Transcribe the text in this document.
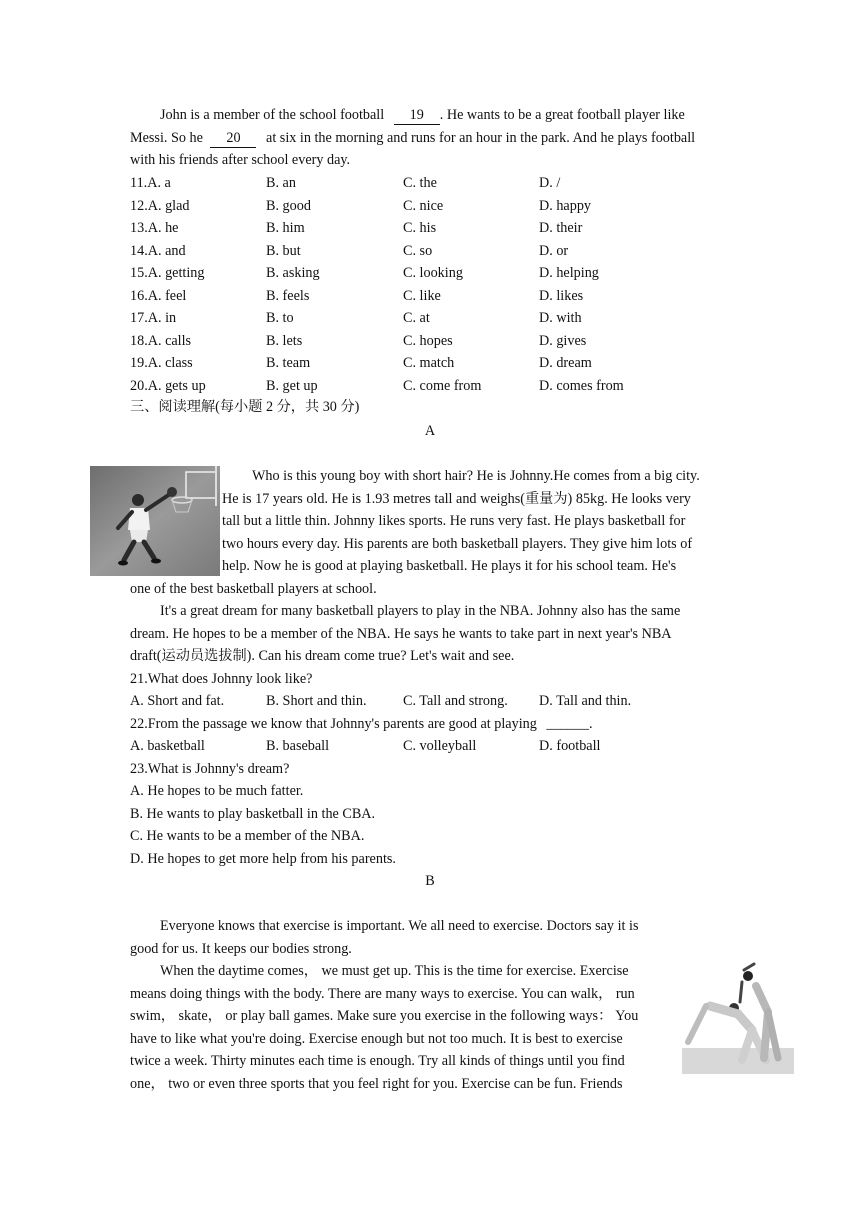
John is a member of the school football 19 . He wants to be a great football player like
Messi. So he 20 at six in the morning and runs for an hour in the park. And he plays football
with his friends after school every day.
11.A. a	B. an	C. the	D. /
12.A. glad	B. good	C. nice	D. happy
13.A. he	B. him	C. his	D. their
14.A. and	B. but	C. so	D. or
15.A. getting	B. asking	C. looking	D. helping
16.A. feel	B. feels	C. like	D. likes
17.A. in	B. to	C. at	D. with
18.A. calls	B. lets	C. hopes	D. gives
19.A. class	B. team	C. match	D. dream
20.A. gets up	B. get up	C. come from	D. comes from
三、阅读理解(每小题 2 分，共 30 分)
A
Who is this young boy with short hair? He is Johnny.He comes from a big city.
He is 17 years old. He is 1.93 metres tall and weighs(重量为) 85kg. He looks very
tall but a little thin. Johnny likes sports. He runs very fast. He plays basketball for
two hours every day. His parents are both basketball players. They give him lots of
help. Now he is good at playing basketball. He plays it for his school team. He's
one of the best basketball players at school.
It's a great dream for many basketball players to play in the NBA. Johnny also has the same
dream. He hopes to be a member of the NBA. He says he wants to take part in next year's NBA
draft(运动员选拔制). Can his dream come true? Let's wait and see.
21.What does Johnny look like?
A. Short and fat.	B. Short and thin.	C. Tall and strong. D. Tall and thin.
22.From the passage we know that Johnny's parents are good at playing ______.
A. basketball	B. baseball	C. volleyball	D. football
23.What is Johnny's dream?
A. He hopes to be much fatter.
B. He wants to play basketball in the CBA.
C. He wants to be a member of the NBA.
D. He hopes to get more help from his parents.
B
Everyone knows that exercise is important. We all need to exercise. Doctors say it is
good for us. It keeps our bodies strong.
When the daytime comes， we must get up. This is the time for exercise. Exercise
means doing things with the body. There are many ways to exercise. You can walk， run
swim， skate， or play ball games. Make sure you exercise in the following ways： You
have to like what you're doing. Exercise enough but not too much. It is best to exercise
twice a week. Thirty minutes each time is enough. Try all kinds of things until you find
one， two or even three sports that you feel right for you. Exercise can be fun. Friends
